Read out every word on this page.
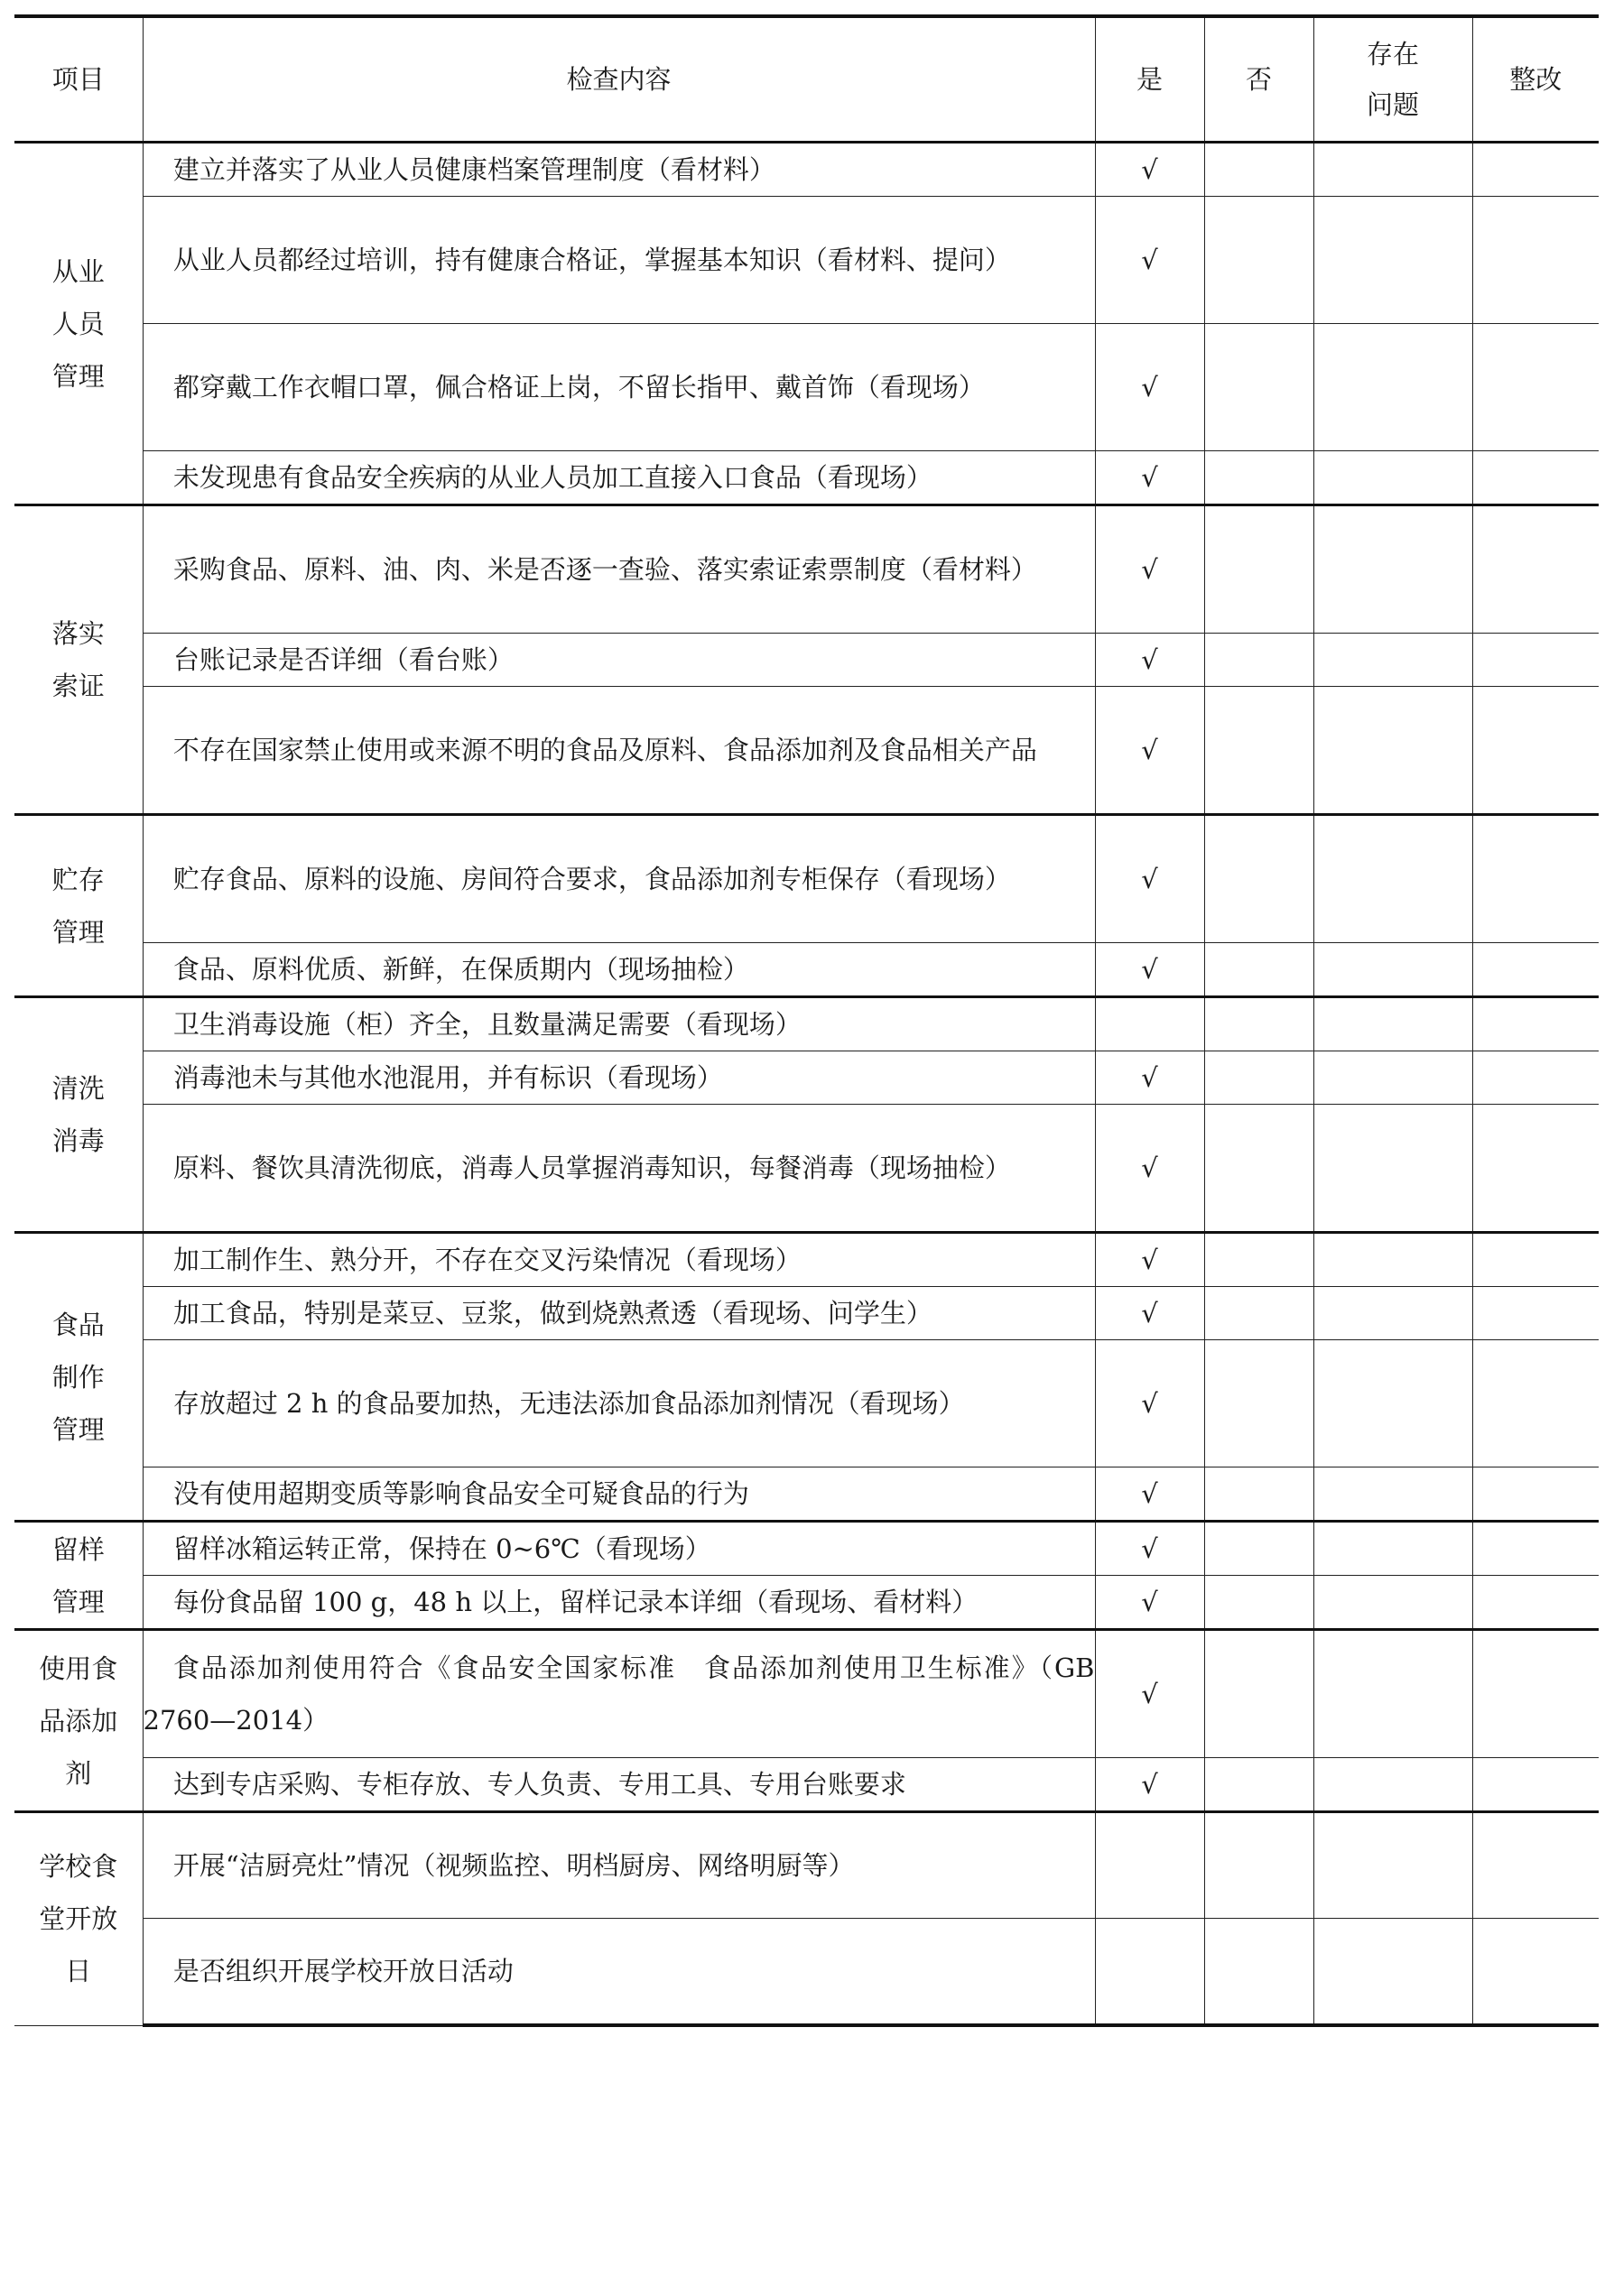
项目	检查内容	是	否	存在问题	整改
从业人员管理	建立并落实了从业人员健康档案管理制度（看材料）	√			

	从业人员都经过培训，持有健康合格证，掌握基本知识（看材料、提问）	√			

	都穿戴工作衣帽口罩，佩合格证上岗，不留长指甲、戴首饰（看现场）	√			

	未发现患有食品安全疾病的从业人员加工直接入口食品（看现场）	√			
落实索证	采购食品、原料、油、肉、米是否逐一查验、落实索证索票制度（看材料）	√			

	台账记录是否详细（看台账）	√			

	不存在国家禁止使用或来源不明的食品及原料、食品添加剂及食品相关产品	√			
贮存管理	贮存食品、原料的设施、房间符合要求，食品添加剂专柜保存（看现场）	√			

	食品、原料优质、新鲜，在保质期内（现场抽检）	√			
清洗消毒	卫生消毒设施（柜）齐全，且数量满足需要（看现场）				

	消毒池未与其他水池混用，并有标识（看现场）	√			

	原料、餐饮具清洗彻底，消毒人员掌握消毒知识，每餐消毒（现场抽检）	√			
食品制作管理	加工制作生、熟分开，不存在交叉污染情况（看现场）	√			

	加工食品，特别是菜豆、豆浆，做到烧熟煮透（看现场、问学生）	√			

	存放超过 2 h 的食品要加热，无违法添加食品添加剂情况（看现场）	√			

	没有使用超期变质等影响食品安全可疑食品的行为	√			
留样管理	留样冰箱运转正常，保持在 0~6℃（看现场）	√			

	每份食品留 100 g，48 h 以上，留样记录本详细（看现场、看材料）	√			
使用食品添加剂	食品添加剂使用符合《食品安全国家标准　食品添加剂使用卫生标准》（GB 2760—2014）	√			

	达到专店采购、专柜存放、专人负责、专用工具、专用台账要求	√			
学校食堂开放日	开展“洁厨亮灶”情况（视频监控、明档厨房、网络明厨等）				

	是否组织开展学校开放日活动				
